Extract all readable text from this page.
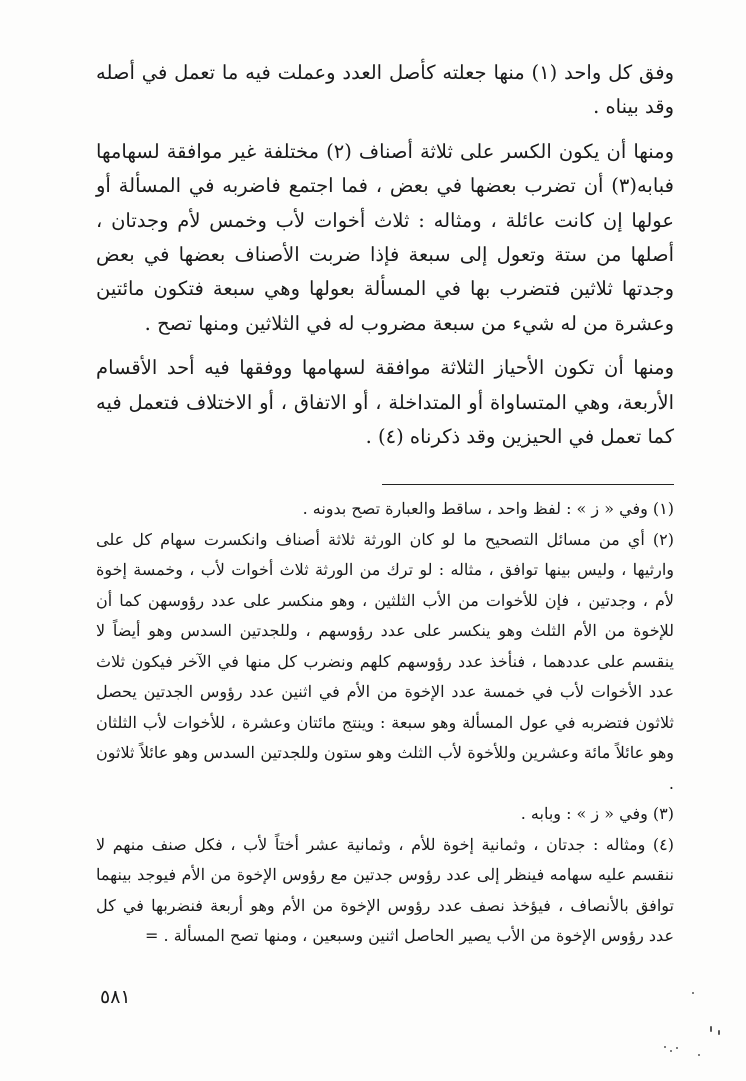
وفق كل واحد (١) منها جعلته كأصل العدد وعملت فيه ما تعمل في أصله وقد بيناه .

ومنها أن يكون الكسر على ثلاثة أصناف (٢) مختلفة غير موافقة لسهامها فبابه(٣) أن تضرب بعضها في بعض ، فما اجتمع فاضربه في المسألة أو عولها إن كانت عائلة ، ومثاله : ثلاث أخوات لأب وخمس لأم وجدتان ، أصلها من ستة وتعول إلى سبعة فإذا ضربت الأصناف بعضها في بعض وجدتها ثلاثين فتضرب بها في المسألة بعولها وهي سبعة فتكون مائتين وعشرة من له شيء من سبعة مضروب له في الثلاثين ومنها تصح .

ومنها أن تكون الأحياز الثلاثة موافقة لسهامها ووفقها فيه أحد الأقسام الأربعة، وهي المتساواة أو المتداخلة ، أو الاتفاق ، أو الاختلاف فتعمل فيه كما تعمل في الحيزين وقد ذكرناه (٤) .

(١) وفي « ز » : لفظ واحد ، ساقط والعبارة تصح بدونه .

(٢) أي من مسائل التصحيح ما لو كان الورثة ثلاثة أصناف وانكسرت سهام كل على وارثيها ، وليس بينها توافق ، مثاله : لو ترك من الورثة ثلاث أخوات لأب ، وخمسة إخوة لأم ، وجدتين ، فإن للأخوات من الأب الثلثين ، وهو منكسر على عدد رؤوسهن كما أن للإخوة من الأم الثلث وهو ينكسر على عدد رؤوسهم ، وللجدتين السدس وهو أيضاً لا ينقسم على عددهما ، فنأخذ عدد رؤوسهم كلهم ونضرب كل منها في الآخر فيكون ثلاث عدد الأخوات لأب في خمسة عدد الإخوة من الأم في اثنين عدد رؤوس الجدتين يحصل ثلاثون فتضربه في عول المسألة وهو سبعة : وينتج مائتان وعشرة ، للأخوات لأب الثلثان وهو عائلاً مائة وعشرين وللأخوة لأب الثلث وهو ستون وللجدتين السدس وهو عائلاً ثلاثون .

(٣) وفي « ز » : وبابه .

(٤) ومثاله : جدتان ، وثمانية إخوة للأم ، وثمانية عشر أختاً لأب ، فكل صنف منهم لا ننقسم عليه سهامه فينظر إلى عدد رؤوس جدتين مع رؤوس الإخوة من الأم فيوجد بينهما توافق بالأنصاف ، فيؤخذ نصف عدد رؤوس الإخوة من الأم وهو أربعة فنضربها في كل عدد رؤوس الإخوة من الأب يصير الحاصل اثنين وسبعين ، ومنها تصح المسألة . =

٥٨١
